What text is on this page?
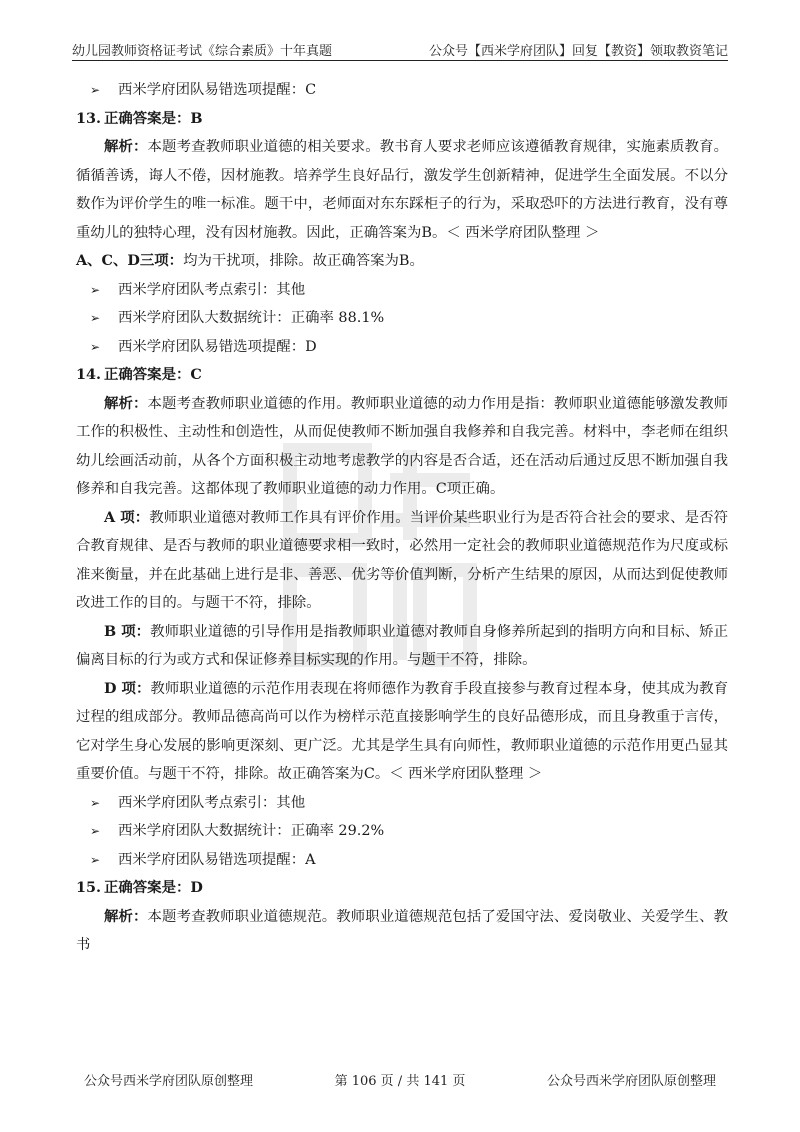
幼儿园教师资格证考试《综合素质》十年真题	公众号【西米学府团队】回复【教资】领取教资笔记

➢ 西米学府团队易错选项提醒：C

13. 正确答案是：B

解析：本题考查教师职业道德的相关要求。教书育人要求老师应该遵循教育规律，实施素质教育。循循善诱，诲人不倦，因材施教。培养学生良好品行，激发学生创新精神，促进学生全面发展。不以分数作为评价学生的唯一标准。题干中，老师面对东东踩柜子的行为，采取恐吓的方法进行教育，没有尊重幼儿的独特心理，没有因材施教。因此，正确答案为B。＜ 西米学府团队整理 ＞

A、C、D三项：均为干扰项，排除。故正确答案为B。

➢ 西米学府团队考点索引：其他

➢ 西米学府团队大数据统计：正确率 88.1%

➢ 西米学府团队易错选项提醒：D

14. 正确答案是：C

解析：本题考查教师职业道德的作用。教师职业道德的动力作用是指：教师职业道德能够激发教师工作的积极性、主动性和创造性，从而促使教师不断加强自我修养和自我完善。材料中，李老师在组织幼儿绘画活动前，从各个方面积极主动地考虑教学的内容是否合适，还在活动后通过反思不断加强自我修养和自我完善。这都体现了教师职业道德的动力作用。C项正确。

A 项：教师职业道德对教师工作具有评价作用。当评价某些职业行为是否符合社会的要求、是否符合教育规律、是否与教师的职业道德要求相一致时，必然用一定社会的教师职业道德规范作为尺度或标准来衡量，并在此基础上进行是非、善恶、优劣等价值判断，分析产生结果的原因，从而达到促使教师改进工作的目的。与题干不符，排除。

B 项：教师职业道德的引导作用是指教师职业道德对教师自身修养所起到的指明方向和目标、矫正偏离目标的行为或方式和保证修养目标实现的作用。与题干不符，排除。

D 项：教师职业道德的示范作用表现在将师德作为教育手段直接参与教育过程本身，使其成为教育过程的组成部分。教师品德高尚可以作为榜样示范直接影响学生的良好品德形成，而且身教重于言传，它对学生身心发展的影响更深刻、更广泛。尤其是学生具有向师性，教师职业道德的示范作用更凸显其重要价值。与题干不符，排除。故正确答案为C。＜ 西米学府团队整理 ＞

➢ 西米学府团队考点索引：其他

➢ 西米学府团队大数据统计：正确率 29.2%

➢ 西米学府团队易错选项提醒：A

15. 正确答案是：D

解析：本题考查教师职业道德规范。教师职业道德规范包括了爱国守法、爱岗敬业、关爱学生、教书

公众号西米学府团队原创整理	第 106 页 / 共 141 页	公众号西米学府团队原创整理
